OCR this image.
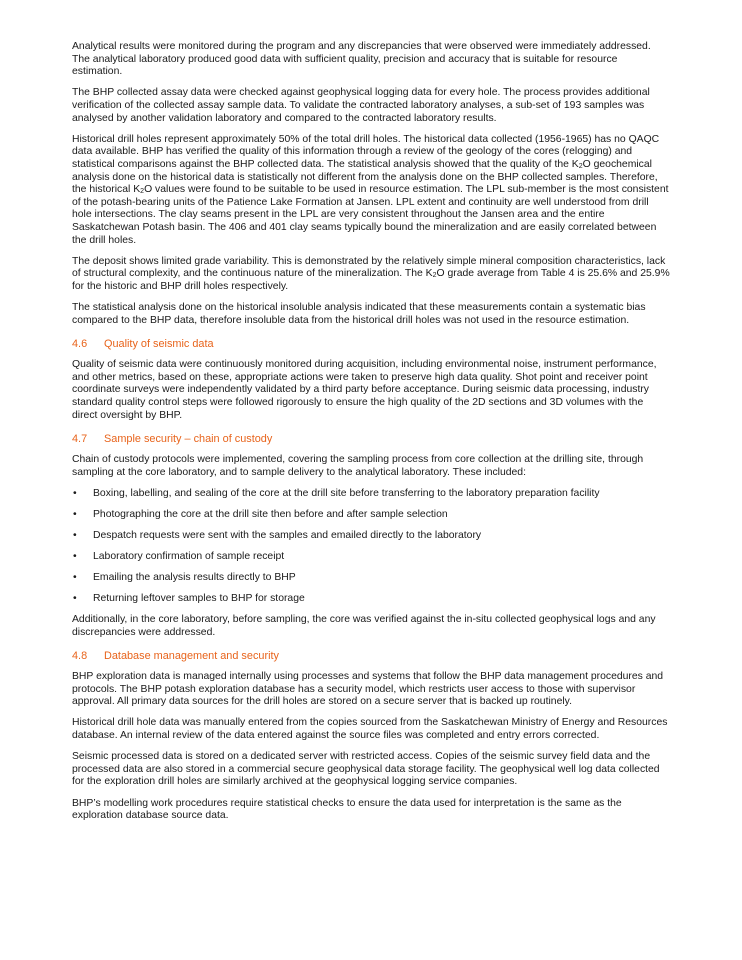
Analytical results were monitored during the program and any discrepancies that were observed were immediately addressed. The analytical laboratory produced good data with sufficient quality, precision and accuracy that is suitable for resource estimation.

The BHP collected assay data were checked against geophysical logging data for every hole. The process provides additional verification of the collected assay sample data. To validate the contracted laboratory analyses, a sub-set of 193 samples was analysed by another validation laboratory and compared to the contracted laboratory results.

Historical drill holes represent approximately 50% of the total drill holes. The historical data collected (1956-1965) has no QAQC data available. BHP has verified the quality of this information through a review of the geology of the cores (relogging) and statistical comparisons against the BHP collected data. The statistical analysis showed that the quality of the K2O geochemical analysis done on the historical data is statistically not different from the analysis done on the BHP collected samples. Therefore, the historical K2O values were found to be suitable to be used in resource estimation. The LPL sub-member is the most consistent of the potash-bearing units of the Patience Lake Formation at Jansen. LPL extent and continuity are well understood from drill hole intersections. The clay seams present in the LPL are very consistent throughout the Jansen area and the entire Saskatchewan Potash basin. The 406 and 401 clay seams typically bound the mineralization and are easily correlated between the drill holes.

The deposit shows limited grade variability. This is demonstrated by the relatively simple mineral composition characteristics, lack of structural complexity, and the continuous nature of the mineralization. The K2O grade average from Table 4 is 25.6% and 25.9% for the historic and BHP drill holes respectively.

The statistical analysis done on the historical insoluble analysis indicated that these measurements contain a systematic bias compared to the BHP data, therefore insoluble data from the historical drill holes was not used in the resource estimation.

4.6 Quality of seismic data

Quality of seismic data were continuously monitored during acquisition, including environmental noise, instrument performance, and other metrics, based on these, appropriate actions were taken to preserve high data quality. Shot point and receiver point coordinate surveys were independently validated by a third party before acceptance. During seismic data processing, industry standard quality control steps were followed rigorously to ensure the high quality of the 2D sections and 3D volumes with the direct oversight by BHP.

4.7 Sample security – chain of custody

Chain of custody protocols were implemented, covering the sampling process from core collection at the drilling site, through sampling at the core laboratory, and to sample delivery to the analytical laboratory. These included:

• Boxing, labelling, and sealing of the core at the drill site before transferring to the laboratory preparation facility
• Photographing the core at the drill site then before and after sample selection
• Despatch requests were sent with the samples and emailed directly to the laboratory
• Laboratory confirmation of sample receipt
• Emailing the analysis results directly to BHP
• Returning leftover samples to BHP for storage

Additionally, in the core laboratory, before sampling, the core was verified against the in-situ collected geophysical logs and any discrepancies were addressed.

4.8 Database management and security

BHP exploration data is managed internally using processes and systems that follow the BHP data management procedures and protocols. The BHP potash exploration database has a security model, which restricts user access to those with supervisor approval. All primary data sources for the drill holes are stored on a secure server that is backed up routinely.

Historical drill hole data was manually entered from the copies sourced from the Saskatchewan Ministry of Energy and Resources database. An internal review of the data entered against the source files was completed and entry errors corrected.

Seismic processed data is stored on a dedicated server with restricted access. Copies of the seismic survey field data and the processed data are also stored in a commercial secure geophysical data storage facility. The geophysical well log data collected for the exploration drill holes are similarly archived at the geophysical logging service companies.

BHP’s modelling work procedures require statistical checks to ensure the data used for interpretation is the same as the exploration database source data.
